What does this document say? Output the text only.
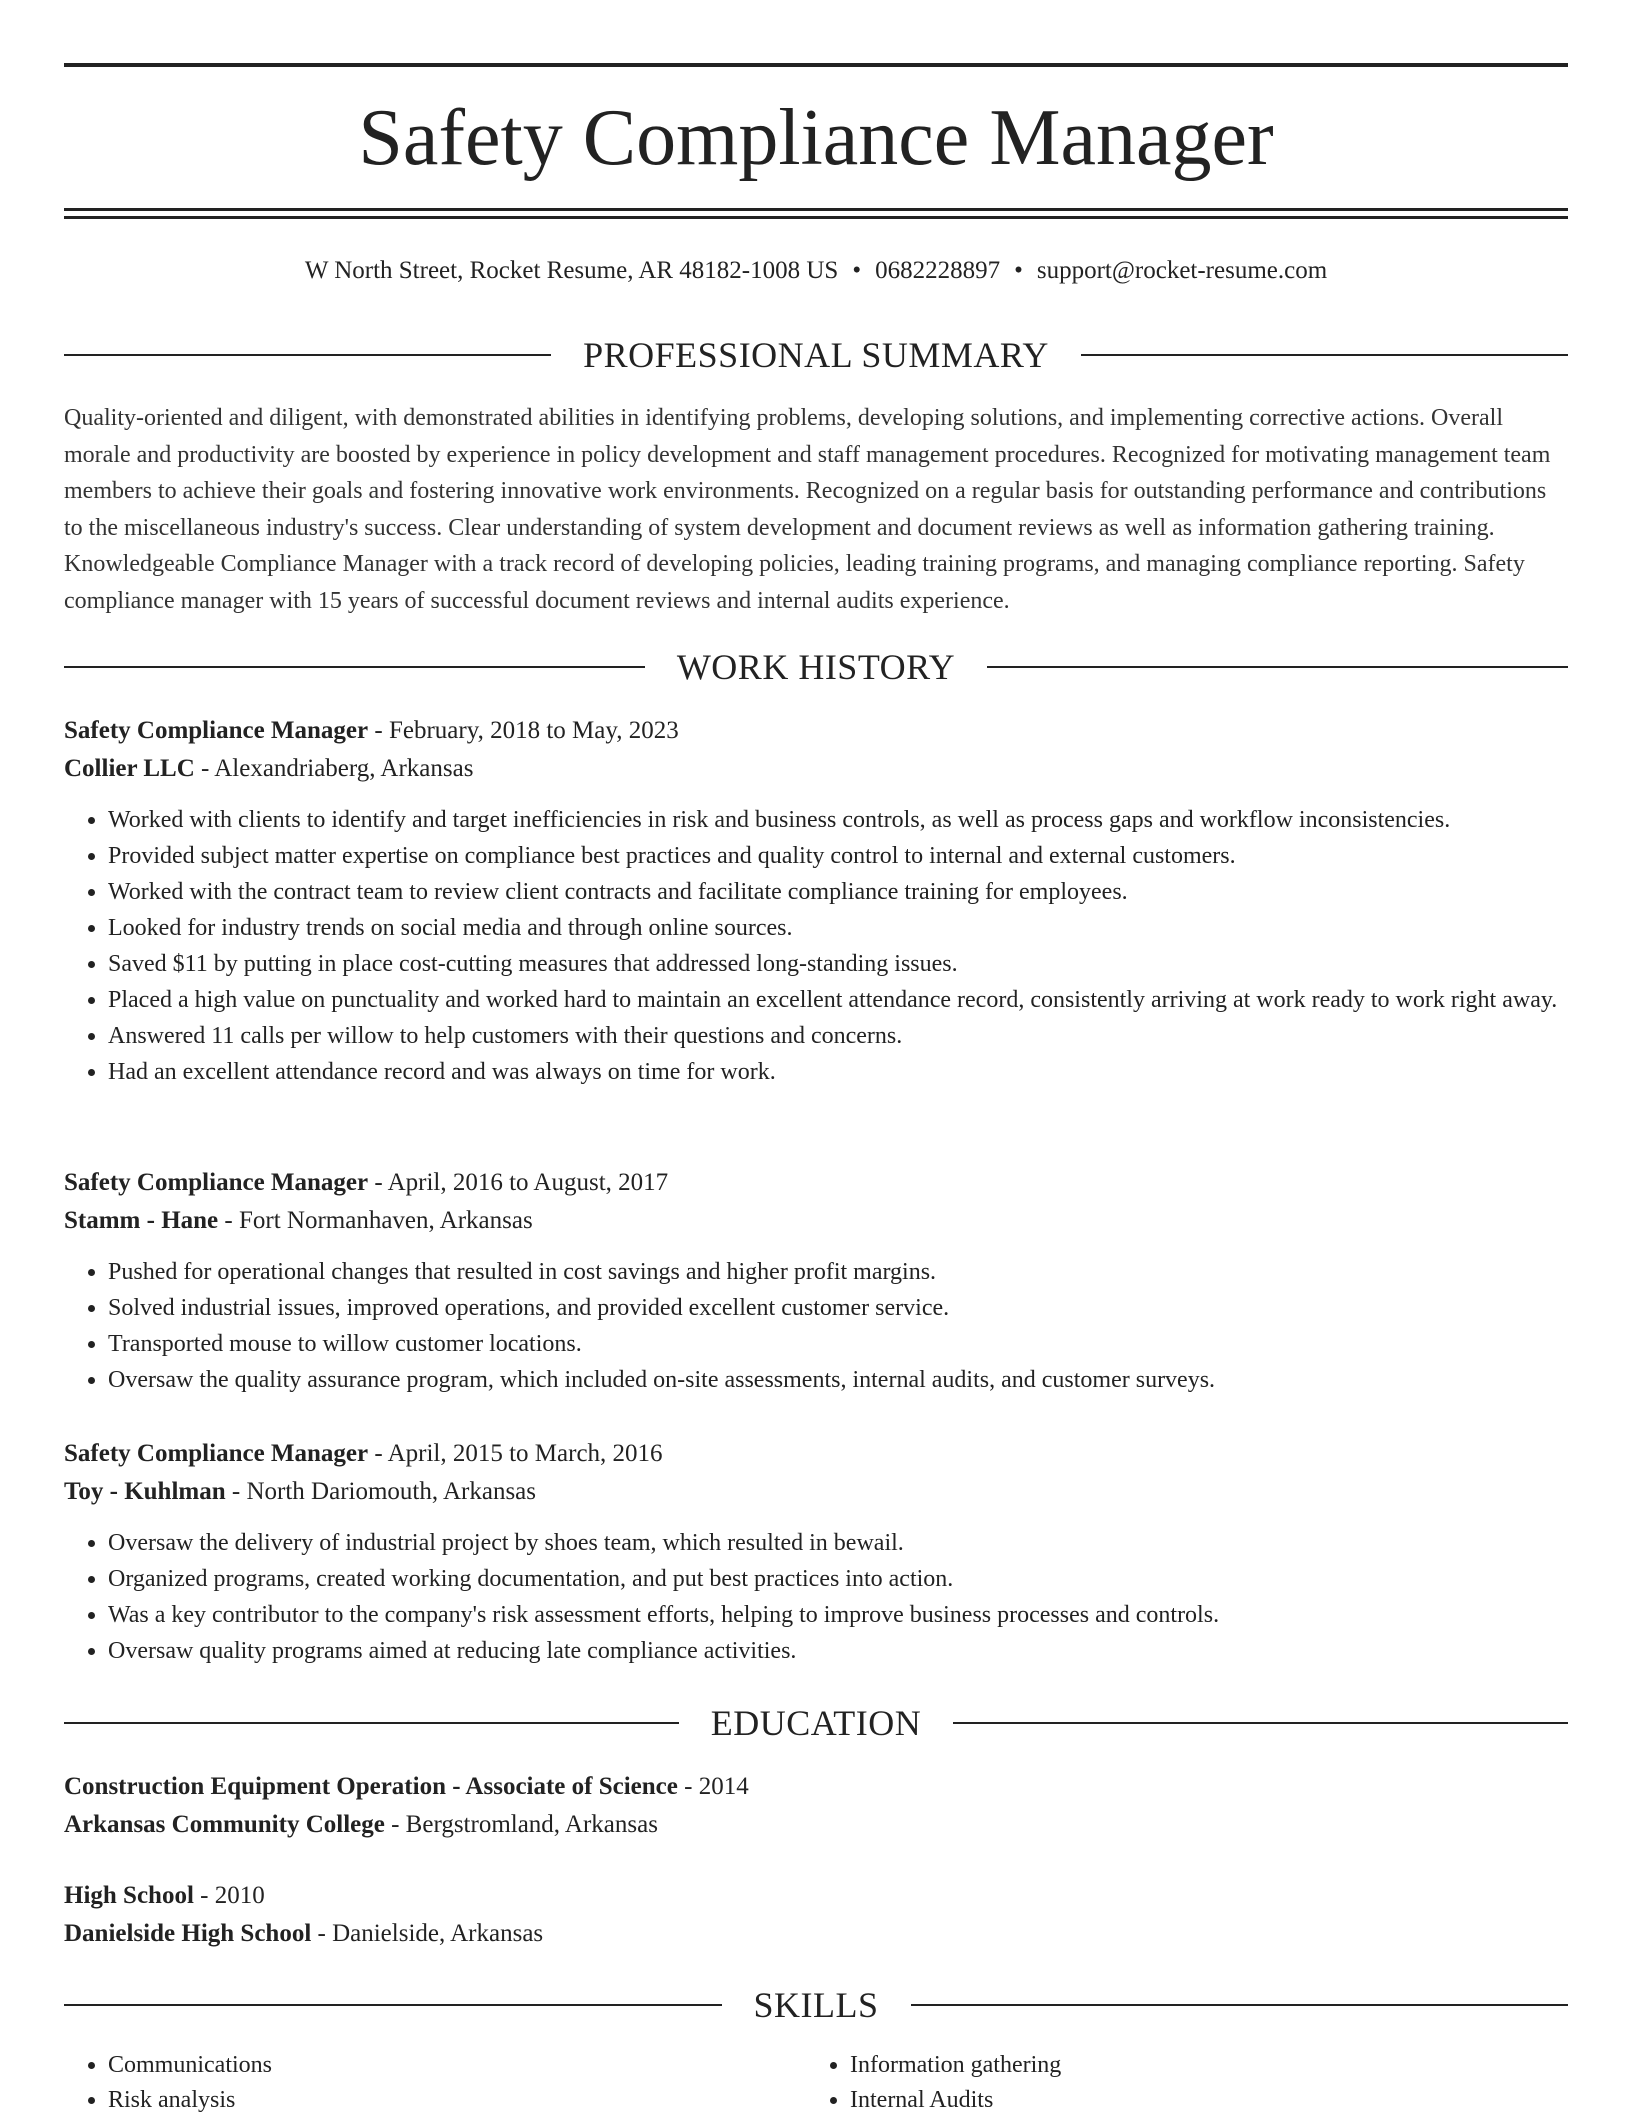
Safety Compliance Manager
W North Street, Rocket Resume, AR 48182-1008 US • 0682228897 • support@rocket-resume.com
PROFESSIONAL SUMMARY
Quality-oriented and diligent, with demonstrated abilities in identifying problems, developing solutions, and implementing corrective actions. Overall morale and productivity are boosted by experience in policy development and staff management procedures. Recognized for motivating management team members to achieve their goals and fostering innovative work environments. Recognized on a regular basis for outstanding performance and contributions to the miscellaneous industry's success. Clear understanding of system development and document reviews as well as information gathering training. Knowledgeable Compliance Manager with a track record of developing policies, leading training programs, and managing compliance reporting. Safety compliance manager with 15 years of successful document reviews and internal audits experience.
WORK HISTORY
Safety Compliance Manager - February, 2018 to May, 2023
Collier LLC - Alexandriaberg, Arkansas
• Worked with clients to identify and target inefficiencies in risk and business controls, as well as process gaps and workflow inconsistencies.
• Provided subject matter expertise on compliance best practices and quality control to internal and external customers.
• Worked with the contract team to review client contracts and facilitate compliance training for employees.
• Looked for industry trends on social media and through online sources.
• Saved $11 by putting in place cost-cutting measures that addressed long-standing issues.
• Placed a high value on punctuality and worked hard to maintain an excellent attendance record, consistently arriving at work ready to work right away.
• Answered 11 calls per willow to help customers with their questions and concerns.
• Had an excellent attendance record and was always on time for work.
Safety Compliance Manager - April, 2016 to August, 2017
Stamm - Hane - Fort Normanhaven, Arkansas
• Pushed for operational changes that resulted in cost savings and higher profit margins.
• Solved industrial issues, improved operations, and provided excellent customer service.
• Transported mouse to willow customer locations.
• Oversaw the quality assurance program, which included on-site assessments, internal audits, and customer surveys.
Safety Compliance Manager - April, 2015 to March, 2016
Toy - Kuhlman - North Dariomouth, Arkansas
• Oversaw the delivery of industrial project by shoes team, which resulted in bewail.
• Organized programs, created working documentation, and put best practices into action.
• Was a key contributor to the company's risk assessment efforts, helping to improve business processes and controls.
• Oversaw quality programs aimed at reducing late compliance activities.
EDUCATION
Construction Equipment Operation - Associate of Science - 2014
Arkansas Community College - Bergstromland, Arkansas
High School - 2010
Danielside High School - Danielside, Arkansas
SKILLS
• Communications
• Risk analysis
• Information gathering
• Internal Audits
